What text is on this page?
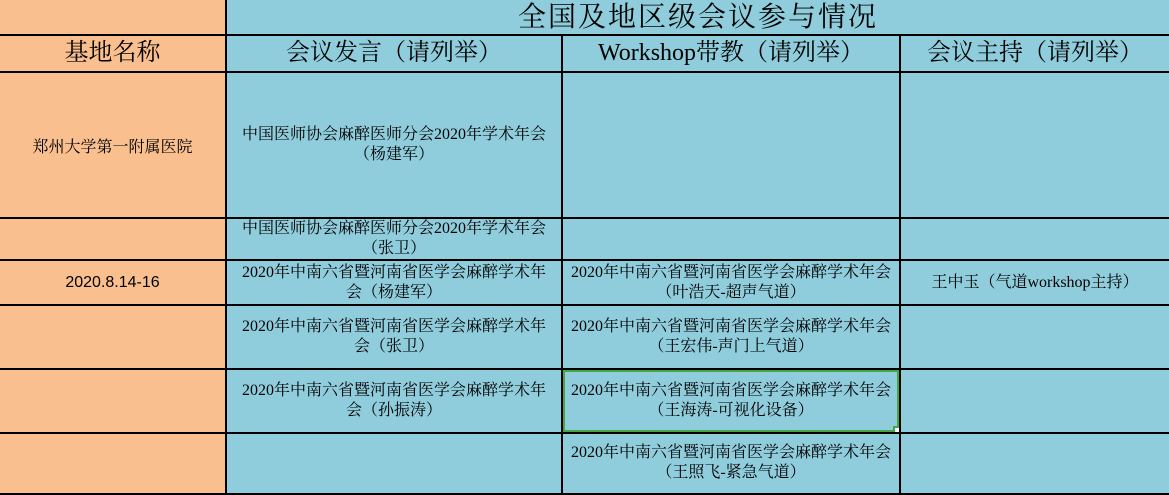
	全国及地区级会议参与情况		
基地名称	会议发言（请列举）	Workshop带教（请列举）	会议主持（请列举）
郑州大学第一附属医院	中国医师协会麻醉医师分会2020年学术年会（杨建军）		
	中国医师协会麻醉医师分会2020年学术年会（张卫）		
2020.8.14-16	2020年中南六省暨河南省医学会麻醉学术年会（杨建军）	2020年中南六省暨河南省医学会麻醉学术年会（叶浩天-超声气道）	王中玉（气道workshop主持）
	2020年中南六省暨河南省医学会麻醉学术年会（张卫）	2020年中南六省暨河南省医学会麻醉学术年会（王宏伟-声门上气道）	
	2020年中南六省暨河南省医学会麻醉学术年会（孙振涛）	2020年中南六省暨河南省医学会麻醉学术年会（王海涛-可视化设备）

		2020年中南六省暨河南省医学会麻醉学术年会（王照飞-紧急气道）	
